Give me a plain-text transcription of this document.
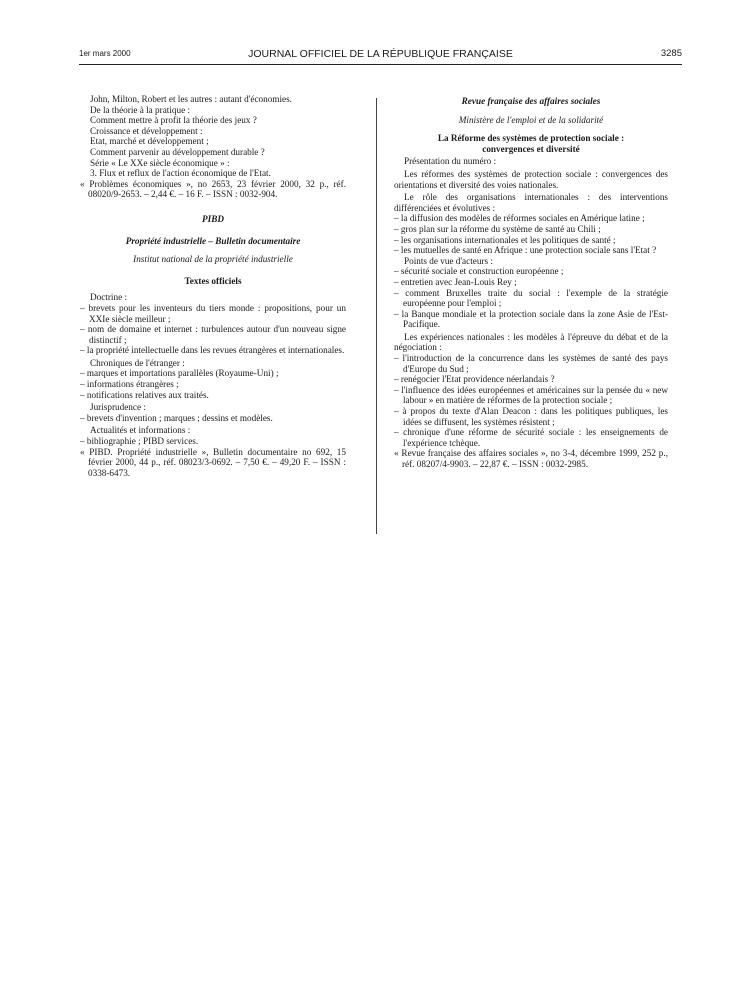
1er mars 2000	JOURNAL OFFICIEL DE LA RÉPUBLIQUE FRANÇAISE	3285

John, Milton, Robert et les autres : autant d'économies.

De la théorie à la pratique :

Comment mettre à profit la théorie des jeux ?

Croissance et développement :

Etat, marché et développement ;

Comment parvenir au développement durable ?

Série « Le XXe siècle économique » :

3. Flux et reflux de l'action économique de l'Etat.

« Problèmes économiques », no 2653, 23 février 2000, 32 p., réf. 08020/9-2653. – 2,44 €. – 16 F. – ISSN : 0032-904.

PIBD

Propriété industrielle – Bulletin documentaire

Institut national de la propriété industrielle

Textes officiels

Doctrine :

– brevets pour les inventeurs du tiers monde : propositions, pour un XXIe siècle meilleur ;

– nom de domaine et internet : turbulences autour d'un nouveau signe distinctif ;

– la propriété intellectuelle dans les revues étrangères et internationales.

Chroniques de l'étranger :

– marques et importations parallèles (Royaume-Uni) ;

– informations étrangères ;

– notifications relatives aux traités.

Jurisprudence :

– brevets d'invention ; marques ; dessins et modèles.

Actualités et informations :

– bibliographie ; PIBD services.

« PIBD. Propriété industrielle », Bulletin documentaire no 692, 15 février 2000, 44 p., réf. 08023/3-0692. – 7,50 €. – 49,20 F. – ISSN : 0338-6473.

Revue française des affaires sociales

Ministère de l'emploi et de la solidarité

La Réforme des systèmes de protection sociale : convergences et diversité

Présentation du numéro :

Les réformes des systèmes de protection sociale : convergences des orientations et diversité des voies nationales.

Le rôle des organisations internationales : des interventions différenciées et évolutives :

– la diffusion des modèles de réformes sociales en Amérique latine ;

– gros plan sur la réforme du système de santé au Chili ;

– les organisations internationales et les politiques de santé ;

– les mutuelles de santé en Afrique : une protection sociale sans l'Etat ?

Points de vue d'acteurs :

– sécurité sociale et construction européenne ;

– entretien avec Jean-Louis Rey ;

– comment Bruxelles traite du social : l'exemple de la stratégie européenne pour l'emploi ;

– la Banque mondiale et la protection sociale dans la zone Asie de l'Est-Pacifique.

Les expériences nationales : les modèles à l'épreuve du débat et de la négociation :

– l'introduction de la concurrence dans les systèmes de santé des pays d'Europe du Sud ;

– renégocier l'Etat providence néerlandais ?

– l'influence des idées européennes et américaines sur la pensée du « new labour » en matière de réformes de la protection sociale ;

– à propos du texte d'Alan Deacon : dans les politiques publiques, les idées se diffusent, les systèmes résistent ;

– chronique d'une réforme de sécurité sociale : les enseignements de l'expérience tchèque.

« Revue française des affaires sociales », no 3-4, décembre 1999, 252 p., réf. 08207/4-9903. – 22,87 €. – ISSN : 0032-2985.
